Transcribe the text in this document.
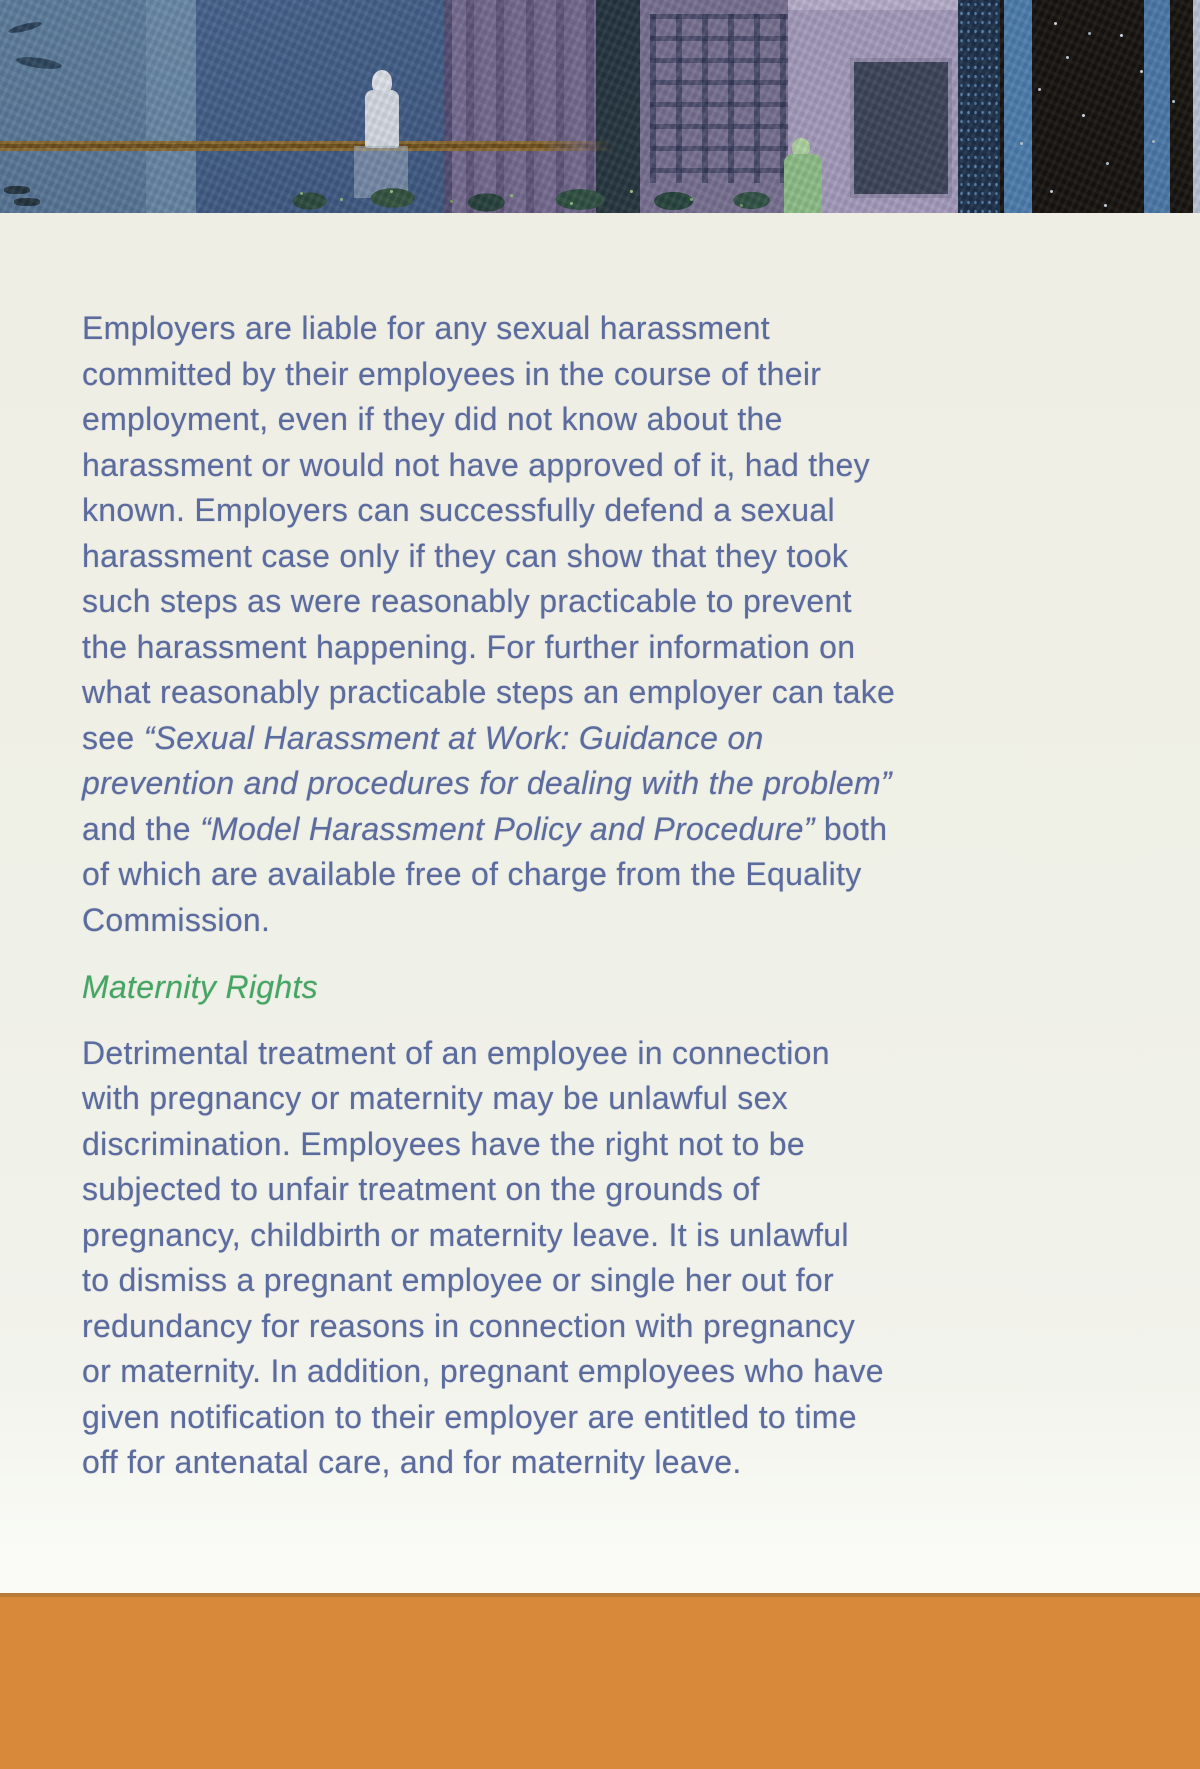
Employers are liable for any sexual harassment
committed by their employees in the course of their
employment, even if they did not know about the
harassment or would not have approved of it, had they
known. Employers can successfully defend a sexual
harassment case only if they can show that they took
such steps as were reasonably practicable to prevent
the harassment happening. For further information on
what reasonably practicable steps an employer can take
see “Sexual Harassment at Work: Guidance on
prevention and procedures for dealing with the problem”
and the “Model Harassment Policy and Procedure” both
of which are available free of charge from the Equality
Commission.
Maternity Rights
Detrimental treatment of an employee in connection
with pregnancy or maternity may be unlawful sex
discrimination. Employees have the right not to be
subjected to unfair treatment on the grounds of
pregnancy, childbirth or maternity leave. It is unlawful
to dismiss a pregnant employee or single her out for
redundancy for reasons in connection with pregnancy
or maternity. In addition, pregnant employees who have
given notification to their employer are entitled to time
off for antenatal care, and for maternity leave.
